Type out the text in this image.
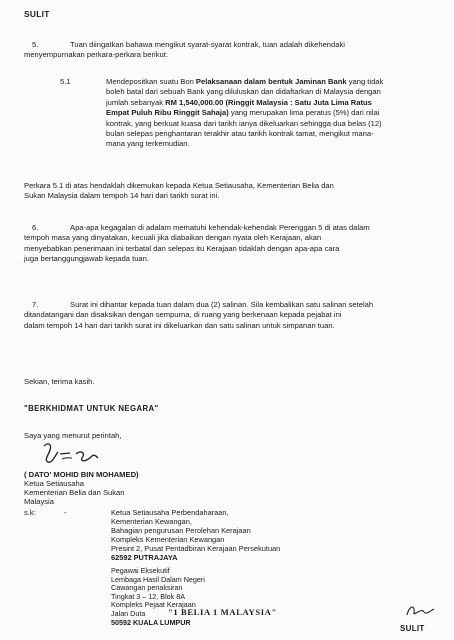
SULIT
5.	Tuan diingatkan bahawa mengikut syarat-syarat kontrak, tuan adalah dikehendaki
menyempurnakan perkara-perkara berikut:
5.1	Mendepositkan suatu Bon Pelaksanaan dalam bentuk Jaminan Bank yang tidak
boleh batal dari sebuah Bank yang diluluskan dan didaftarkan di Malaysia dengan
jumlah sebanyak RM 1,540,000.00 (Ringgit Malaysia : Satu Juta Lima Ratus
Empat Puluh Ribu Ringgit Sahaja) yang merupakan lima peratus (5%) dari nilai
kontrak, yang berkuat kuasa dari tarikh ianya dikeluarkan sehingga dua belas (12)
bulan selepas penghantaran terakhir atau tarikh kontrak tamat, mengikut mana-
mana yang terkemudian.
Perkara 5.1 di atas hendaklah dikemukan kepada Ketua Setiausaha, Kementerian Belia dan
Sukan Malaysia dalam tempoh 14 hari dari tarikh surat ini.
6.	Apa-apa kegagalan di adalam mematuhi kehendak-kehendak Perenggan 5 di atas dalam
tempoh masa yang dinyatakan, kecuali jika diabaikan dengan nyata oleh Kerajaan, akan
menyebabkan penerimaan ini terbatal dan selepas itu Kerajaan tidaklah dengan apa-apa cara
juga bertanggungjawab kepada tuan.
7.	Surat ini dihantar kepada tuan dalam dua (2) salinan. Sila kembalikan satu salinan setelah
ditandatangani dan disaksikan dengan sempurna, di ruang yang berkenaan kepada pejabat ini
dalam tempoh 14 hari dari tarikh surat ini dikeluarkan dan satu salinan untuk simpanan tuan.
Sekian, terima kasih.
"BERKHIDMAT UNTUK NEGARA"
Saya yang menurut perintah,
( DATO' MOHID BIN MOHAMED)
Ketua Setiausaha
Kementerian Belia dan Sukan
Malaysia
s.k:	-	Ketua Setiausaha Perbendaharaan,
Kementerian Kewangan,
Bahagian pengurusan Perolehan Kerajaan
Kompleks Kementerian Kewangan
Presint 2, Pusat Pentadbiran Kerajaan Persekutuan
62592 PUTRAJAYA
Pegawai Eksekutif
Lembaga Hasil Dalam Negeri
Cawangan penaksiran
Tingkat 3 – 12, Blok 8A
Kompleks Pejaat Kerajaan
Jalan Duta
50592 KUALA LUMPUR
"1 BELIA 1 MALAYSIA"
SULIT
